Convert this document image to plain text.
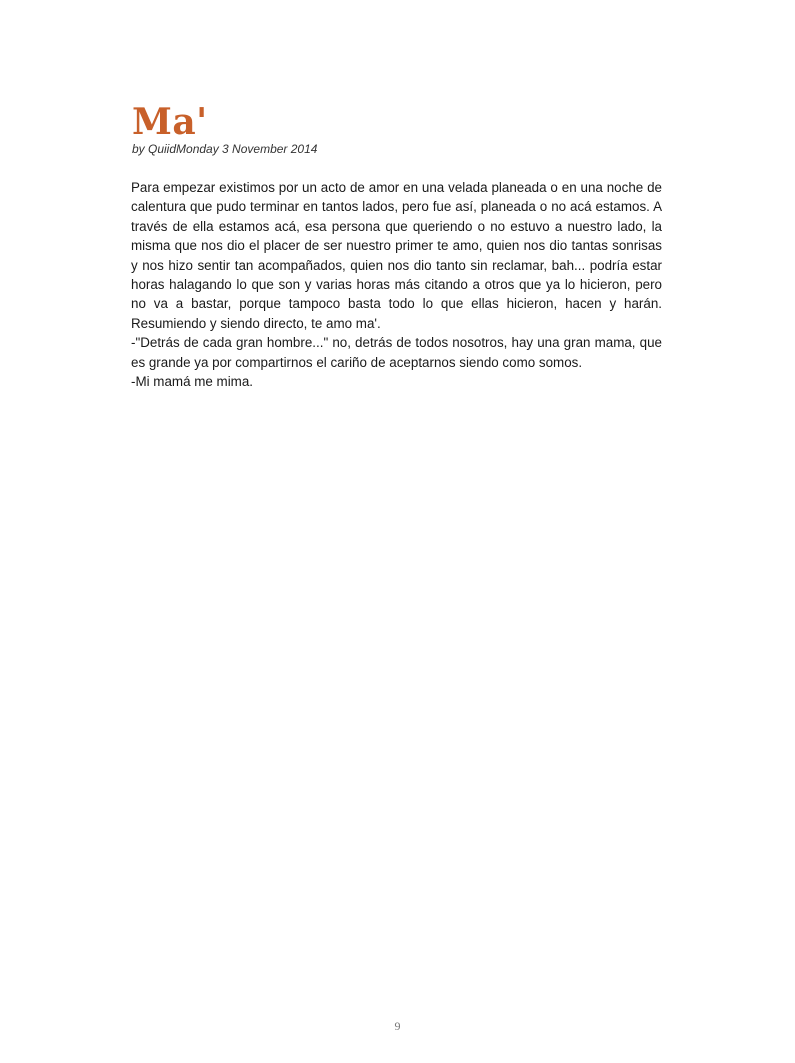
Ma'
by QuiidMonday 3 November 2014

Para empezar existimos por un acto de amor en una velada planeada o en una noche de calentura que pudo terminar en tantos lados, pero fue así, planeada o no acá estamos. A través de ella estamos acá, esa persona que queriendo o no estuvo a nuestro lado, la misma que nos dio el placer de ser nuestro primer te amo, quien nos dio tantas sonrisas y nos hizo sentir tan acompañados, quien nos dio tanto sin reclamar, bah... podría estar horas halagando lo que son y varias horas más citando a otros que ya lo hicieron, pero no va a bastar, porque tampoco basta todo lo que ellas hicieron, hacen y harán. Resumiendo y siendo directo, te amo ma'.

-"Detrás de cada gran hombre..." no, detrás de todos nosotros, hay una gran mama, que es grande ya por compartirnos el cariño de aceptarnos siendo como somos.

-Mi mamá me mima.

9
